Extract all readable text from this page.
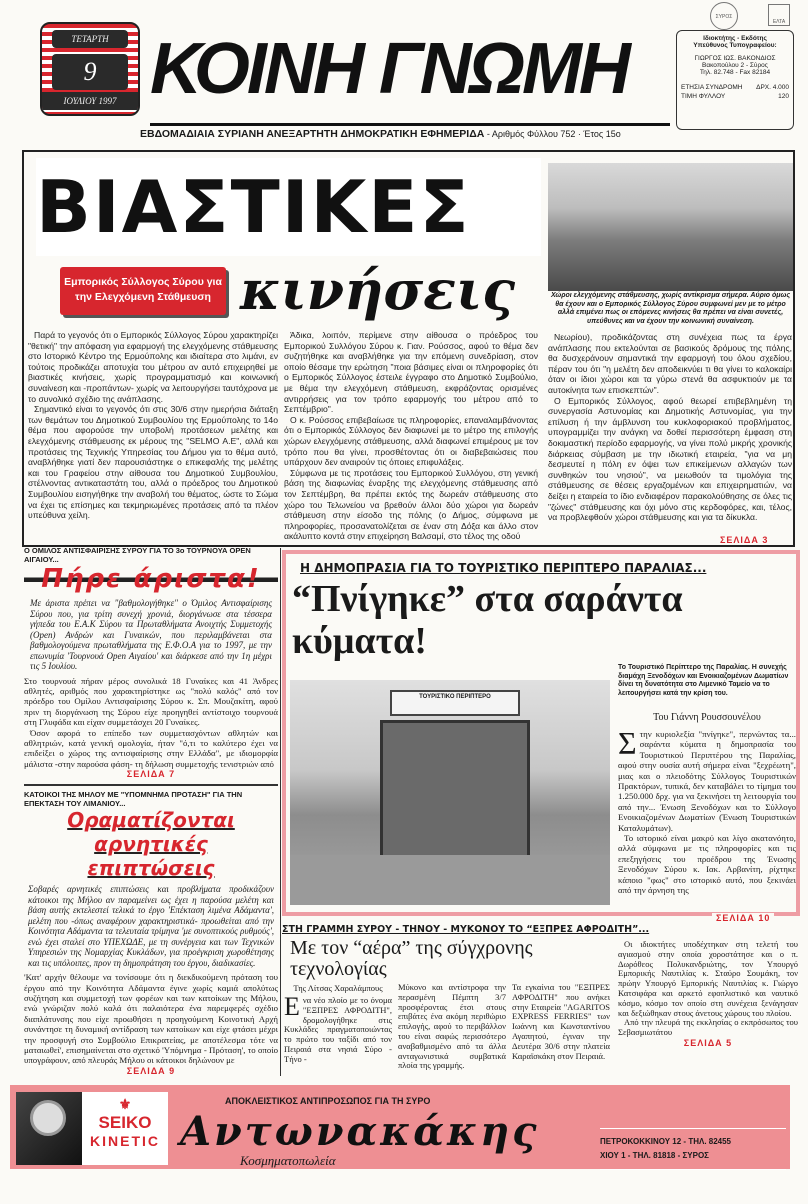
ΣΥΡΟΣ
ΕΛΤΑ
ΤΕΤΑΡΤΗ
9
ΙΟΥΛΙΟΥ 1997 ΚΟΙΝΗ ΓΝΩΜΗ
ΕΒΔΟΜΑΔΙΑΙΑ ΣΥΡΙΑΝΗ ΑΝΕΞΑΡΤΗΤΗ ΔΗΜΟΚΡΑΤΙΚΗ ΕΦΗΜΕΡΙΔΑ - Αριθμός Φύλλου 752 · Έτος 15ο
Ιδιοκτήτης - Εκδότης
Υπεύθυνος Τυπογραφείου:
ΓΙΩΡΓΟΣ ΙΩΣ. ΒΑΚΟΝΔΙΟΣ
Βακοπούλου 2 - Σύρος
Τηλ. 82.748 - Fax 82184
ΕΤΗΣΙΑ ΣΥΝΔΡΟΜΗ ΔΡΧ. 4.000
ΤΙΜΗ ΦΥΛΛΟΥ	120
ΒΙΑΣΤΙΚΕΣ
Εμπορικός Σύλλογος Σύρου για την Ελεγχόμενη Στάθμευση κινήσεις	Χώροι ελεγχόμενης στάθμευσης, χωρίς αντίκρισμα σήμερα. Αύριο όμως θα έχουν και ο Εμπορικός Σύλλογος Σύρου συμφωνεί μεν με το μέτρο αλλά επιμένει πως οι επόμενες κινήσεις θα πρέπει να είναι συνετές, υπεύθυνες και να έχουν την κοινωνική συναίνεση.

Παρά το γεγονός ότι ο Εμπορικός Σύλλογος Σύρου χαρακτηρίζει "θετική" την απόφαση για εφαρμογή της ελεγχόμενης στάθμευσης στο Ιστορικό Κέντρο της Ερμούπολης και ιδιαίτερα στο λιμάνι, εν τούτοις προδικάζει αποτυχία του μέτρου αν αυτό επιχειρηθεί με βιαστικές κινήσεις, χωρίς προγραμματισμό και κοινωνική συναίνεση και -προπάντων- χωρίς να λειτουργήσει ταυτόχρονα με το συνολικό σχέδιο της ανάπλασης.

Σημαντικό είναι το γεγονός ότι στις 30/6 στην ημερήσια διάταξη των θεμάτων του Δημοτικού Συμβουλίου της Ερμούπολης το 14ο θέμα που αφορούσε την υποβολή προτάσεων μελέτης και ελεγχόμενης στάθμευσης εκ μέρους της "SELMO A.E", αλλά και προτάσεις της Τεχνικής Υπηρεσίας του Δήμου για το θέμα αυτό, αναβλήθηκε γιατί δεν παρουσιάστηκε ο επικεφαλής της μελέτης και του Γραφείου στην αίθουσα του Δημοτικού Συμβουλίου, στέλνοντας αντικαταστάτη του, αλλά ο πρόεδρος του Δημοτικού Συμβουλίου εισηγήθηκε την αναβολή του θέματος, ώστε το Σώμα να έχει τις επίσημες και τεκμηριωμένες προτάσεις από τα πλέον υπεύθυνα χείλη.

Άδικα, λοιπόν, περίμενε στην αίθουσα ο πρόεδρος του Εμπορικού Συλλόγου Σύρου κ. Γιαν. Ρούσσος, αφού το θέμα δεν συζητήθηκε και αναβλήθηκε για την επόμενη συνεδρίαση, στον οποίο θέσαμε την ερώτηση "ποια βάσιμες είναι οι πληροφορίες ότι ο Εμπορικός Σύλλογος έστειλε έγγραφο στο Δημοτικό Συμβούλιο, με θέμα την ελεγχόμενη στάθμευση, εκφράζοντας ορισμένες αντιρρήσεις για τον τρόπο εφαρμογής του μέτρου από το Σεπτέμβριο".

Ο κ. Ρούσσος επιβεβαίωσε τις πληροφορίες, επαναλαμβάνοντας ότι ο Εμπορικός Σύλλογος δεν διαφωνεί με το μέτρο της επιλογής χώρων ελεγχόμενης στάθμευσης, αλλά διαφωνεί επιμέρους με τον τρόπο που θα γίνει, προσθέτοντας ότι οι διαβεβαιώσεις που υπάρχουν δεν αναιρούν τις όποιες επιφυλάξεις.

Σύμφωνα με τις προτάσεις του Εμπορικού Συλλόγου, στη γενική βάση της διαφωνίας έναρξης της ελεγχόμενης στάθμευσης από τον Σεπτέμβρη, θα πρέπει εκτός της δωρεάν στάθμευσης στο χώρο του Τελωνείου να βρεθούν άλλοι δύο χώροι για δωρεάν στάθμευση στην είσοδο της πόλης (ο Δήμος, σύμφωνα με πληροφορίες, προσανατολίζεται σε έναν στη Δόξα και άλλο στον ακάλυπτο κοντά στην επιχείρηση Βαλσαμί, στο τέλος της οδού

Νεωρίου), προδικάζοντας στη συνέχεια πως τα έργα ανάπλασης που εκτελούνται σε βασικούς δρόμους της πόλης, θα δυσχεράνουν σημαντικά την εφαρμογή του όλου σχεδίου, πέραν του ότι "η μελέτη δεν αποδεικνύει τι θα γίνει το καλοκαίρι όταν οι ίδιοι χώροι και τα γύρω στενά θα ασφυκτιούν με τα αυτοκίνητα των επισκεπτών".

Ο Εμπορικός Σύλλογος, αφού θεωρεί επιβεβλημένη τη συνεργασία Αστυνομίας και Δημοτικής Αστυνομίας, για την επίλυση ή την άμβλυνση του κυκλοφοριακού προβλήματος, υπογραμμίζει την ανάγκη να δοθεί περισσότερη έμφαση στη δοκιμαστική περίοδο εφαρμογής, να γίνει πολύ μικρής χρονικής διάρκειας σύμβαση με την ιδιωτική εταιρεία, "για να μη δεσμευτεί η πόλη εν όψει των επικείμενων αλλαγών των συνθηκών του νησιού", να μειωθούν τα τιμολόγια της στάθμευσης σε θέσεις εργαζομένων και επιχειρηματιών, να δείξει η εταιρεία το ίδιο ενδιαφέρον παρακολούθησης σε όλες τις "ζώνες" στάθμευσης και όχι μόνο στις κερδοφόρες, και, τέλος, να προβλεφθούν χώροι στάθμευσης και για τα δίκυκλα.

ΣΕΛΙΔΑ 3
Ο ΟΜΙΛΟΣ ΑΝΤΙΣΦΑΙΡΙΣΗΣ ΣΥΡΟΥ ΓΙΑ ΤΟ 3ο ΤΟΥΡΝΟΥΑ OPEN ΑΙΓΑΙΟΥ...
Πήρε άριστα!
Με άριστα πρέπει να "βαθμολογήθηκε" ο Όμιλος Αντισφαίρισης Σύρου που, για τρίτη συνεχή χρονιά, διοργάνωσε στα τέσσερα γήπεδα του Ε.Α.Κ Σύρου τα Πρωταθλήματα Ανοιχτής Συμμετοχής (Open) Ανδρών και Γυναικών, που περιλαμβάνεται στα βαθμολογούμενα πρωταθλήματα της Ε.Φ.Ο.Α για το 1997, με την επωνυμία 'Τουρνουά Open Αιγαίου' και διάρκεσε από την 1η μέχρι τις 5 Ιουλίου.

Στο τουρνουά πήραν μέρος συνολικά 18 Γυναίκες και 41 Άνδρες αθλητές, αριθμός που χαρακτηρίστηκε ως "πολύ καλός" από τον πρόεδρο του Ομίλου Αντισφαίρισης Σύρου κ. Σπ. Μουζακίτη, αφού πριν τη διοργάνωση της Σύρου είχε προηγηθεί αντίστοιχο τουρνουά στη Γλυφάδα και είχαν συμμετάσχει 20 Γυναίκες.

Όσον αφορά το επίπεδο των συμμετασχόντων αθλητών και αθλητριών, κατά γενική ομολογία, ήταν "ό,τι το καλύτερο έχει να επιδείξει ο χώρος της αντισφαίρισης στην Ελλάδα", με ιδιομορφία μάλιστα -στην παρούσα φάση- τη δήλωση συμμετοχής τενιστριών από

ΣΕΛΙΔΑ 7
ΚΑΤΟΙΚΟΙ ΤΗΣ ΜΗΛΟΥ ΜΕ "ΥΠΟΜΝΗΜΑ ΠΡΟΤΑΣΗ" ΓΙΑ ΤΗΝ ΕΠΕΚΤΑΣΗ ΤΟΥ ΛΙΜΑΝΙΟΥ...
Οραματίζονται αρνητικές
επιπτώσεις
Σοβαρές αρνητικές επιπτώσεις και προβλήματα προδικάζουν κάτοικοι της Μήλου αν παραμείνει ως έχει η παρούσα μελέτη και βάση αυτής εκτελεστεί τελικά το έργο 'Επέκταση λιμένα Αδάμαντα', μελέτη που -όπως αναφέρουν χαρακτηριστικά- προωθείται από την Κοινότητα Αδάμαντα τα τελευταία τρίμηνα 'με συνοπτικούς ρυθμούς', ενώ έχει σταλεί στο ΥΠΕΧΩΔΕ, με τη συνέργεια και των Τεχνικών Υπηρεσιών της Νομαρχίας Κυκλάδων, για προέγκριση χωροθέτησης και τις υπόλοιπες, προν τη δημοπράτηση του έργου, διαδικασίες.

'Κατ' αρχήν θέλουμε να τονίσουμε ότι η διεκδικούμενη πρόταση του έργου από την Κοινότητα Αδάμαντα έγινε χωρίς καμιά απολύτως συζήτηση και συμμετοχή των φορέων και των κατοίκων της Μήλου, ενώ γνώριζαν πολύ καλά ότι παλαιότερα ένα παρεμφερές σχέδιο διαπλάτυνσης που είχε προωθήσει η προηγούμενη Κοινοτική Αρχή συνάντησε τη δυναμική αντίδραση των κατοίκων και είχε φτάσει μέχρι την προσφυγή στο Συμβούλιο Επικρατείας, με αποτέλεσμα τότε να ματαιωθεί', επισημαίνεται στο σχετικό 'Υπόμνημα - Πρόταση', το οποίο υπογράφουν, από πλευράς Μήλου οι κάτοικοι δηλώνουν με

ΣΕΛΙΔΑ 9
Η ΔΗΜΟΠΡΑΣΙΑ ΓΙΑ ΤΟ ΤΟΥΡΙΣΤΙΚΟ ΠΕΡΙΠΤΕΡΟ ΠΑΡΑΛΙΑΣ...
“Πνίγηκε” στα σαράντα κύματα!
ΤΟΥΡΙΣΤΙΚΟ ΠΕΡΙΠΤΕΡΟ
Το Τουριστικό Περίπτερο της Παραλίας. Η συνεχής διαμάχη Ξενοδόχων και Ενοικιαζομένων Δωματίων δίνει τη δυνατότητα στο Λιμενικό Ταμείο να το λειτουργήσει κατά την κρίση του.
Του Γιάννη Ρουσσουνέλου
Στην κυριολεξία "πνίγηκε", περνώντας τα... σαράντα κύματα η δημοπρασία του Τουριστικού Περιπτέρου της Παραλίας, αφού στην ουσία αυτή σήμερα είναι "ξεχρέωτη", μιας και ο πλειοδότης Σύλλογος Τουριστικών Πρακτόρων, τυπικά, δεν καταβάλει το τίμημα του 1.250.000 δρχ. για να ξεκινήσει τη λειτουργία του από την... Ένωση Ξενοδόχων και το Σύλλογο Ενοικιαζομένων Δωματίων (Ένωση Τουριστικών Καταλυμάτων).

Το ιστορικό είναι μακρύ και λίγο ακατανόητο, αλλά σύμφωνα με τις πληροφορίες και τις επεξηγήσεις του προέδρου της Ένωσης Ξενοδόχων Σύρου κ. Ιακ. Αρβανίτη, ρίχτηκε κάποιο "φως" στο ιστορικό αυτό, που ξεκινάει από την άρνηση της

ΣΕΛΙΔΑ 10
ΣΤΗ ΓΡΑΜΜΗ ΣΥΡΟΥ - ΤΗΝΟΥ - ΜΥΚΟΝΟΥ ΤΟ “ΕΞΠΡΕΣ ΑΦΡΟΔΙΤΗ”...
Με τον “αέρα” της σύγχρονης τεχνολογίας
Της Λίτσας Χαραλάμπους
Ενα νέο πλοίο με το όνομα "ΕΞΠΡΕΣ ΑΦΡΟΔΙΤΗ", δρομολογήθηκε στις Κυκλάδες πραγματοποιώντας το πρώτο του ταξίδι από τον Πειραιά στα νησιά Σύρο - Τήνο -
Μύκονο και αντίστροφα την περασμένη Πέμπτη 3/7 προσφέροντας έτσι στους επιβάτες ένα ακόμη περιθώριο επιλογής, αφού το περιβάλλον του είναι σαφώς περισσότερο αναβαθμισμένο από τα άλλα ανταγωνιστικά συμβατικά πλοία της γραμμής.
Τα εγκαίνια του "ΕΞΠΡΕΣ ΑΦΡΟΔΙΤΗ" που ανήκει στην Εταιρεία "AGARITOS EXPRESS FERRIES" των Ιωάννη και Κωνσταντίνου Αγαπητού, έγιναν την Δευτέρα 30/6 στην πλατεία Καραϊσκάκη στον Πειραιά.

Οι ιδιοκτήτες υποδέχτηκαν στη τελετή του αγιασμού στην οποία χοροστάτησε και ο π. Δωρόθεος Πολυκανδριώτης, τον Υπουργό Εμπορικής Ναυτιλίας κ. Σταύρο Σουμάκη, τον πρώην Υπουργό Εμπορικής Ναυτιλίας κ. Γιώργο Κατσιφάρα και αρκετό εφοπλιστικό και ναυτικό κόσμο, κόσμο τον οποίο στη συνέχεια ξενάγησαν και δεξιώθηκαν στους άνετους χώρους του πλοίου.

Από την πλευρά της εκκλησίας ο εκπρόσωπος του Σεβασμιωτάτου

ΣΕΛΙΔΑ 5
⚜
SEIKO
KINETIC
ΑΠΟΚΛΕΙΣΤΙΚΟΣ ΑΝΤΙΠΡΟΣΩΠΟΣ ΓΙΑ ΤΗ ΣΥΡΟ
Αντωνακάκης
Κοσμηματοπωλεία
ΠΕΤΡΟΚΟΚΚΙΝΟΥ 12 - ΤΗΛ. 82455
ΧΙΟΥ 1 - ΤΗΛ. 81818 - ΣΥΡΟΣ
